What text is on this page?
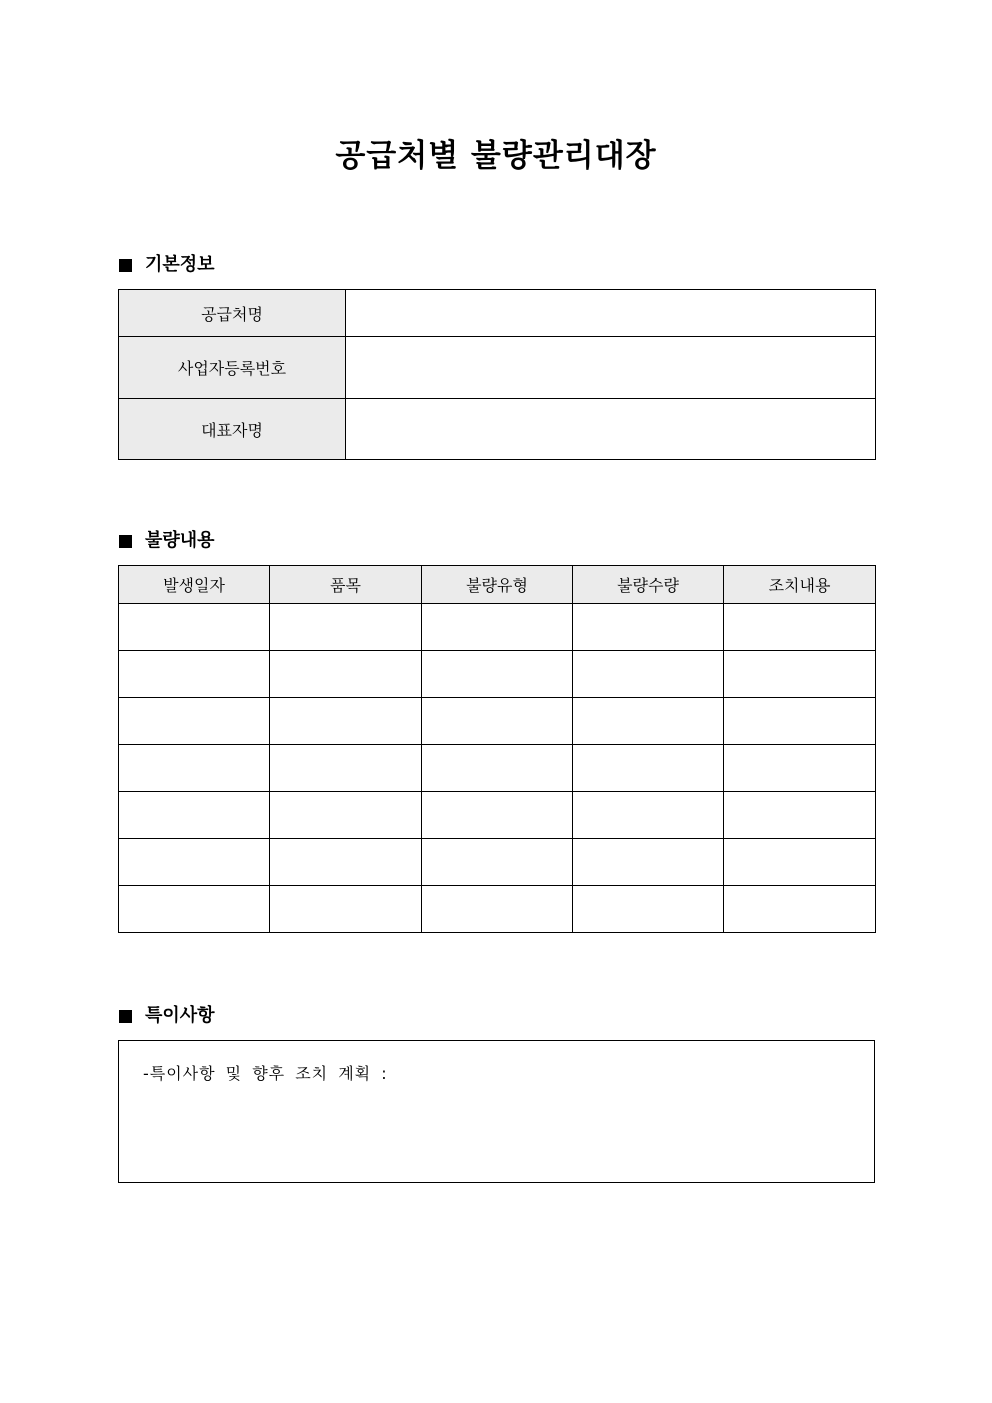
공급처별 불량관리대장
기본정보
공급처명	
사업자등록번호	
대표자명	
불량내용
발생일자	품목	불량유형	불량수량	조치내용

특이사항
-특이사항 및 향후 조치 계획 :
